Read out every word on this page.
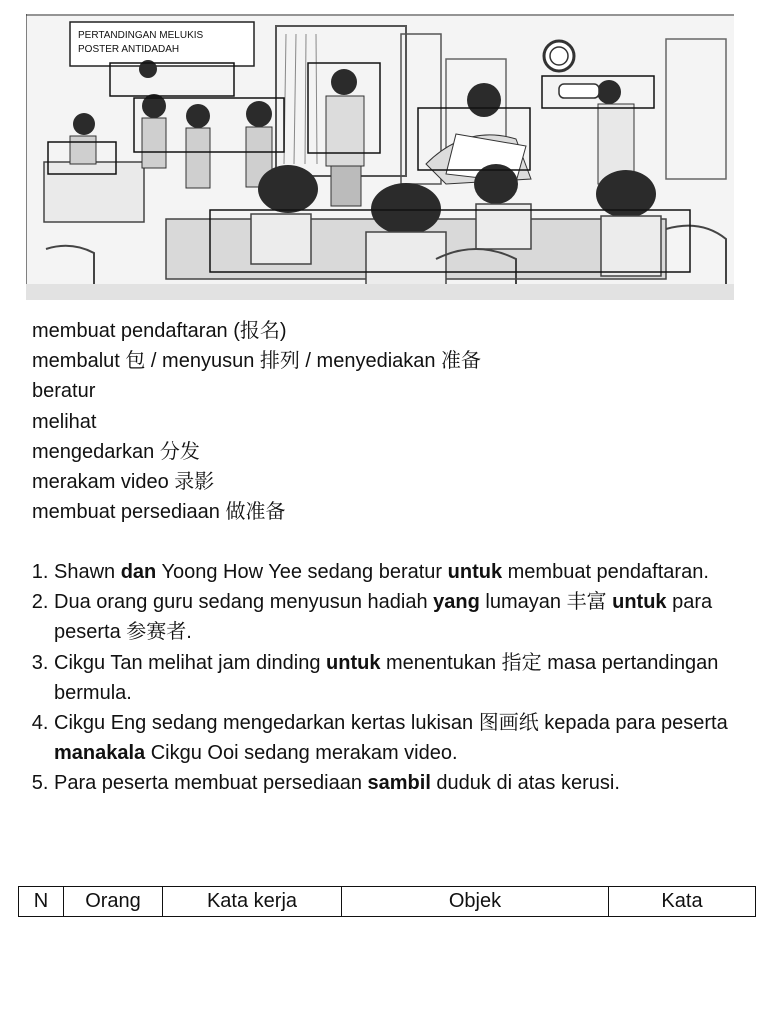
PERTANDINGAN MELUKIS
POSTER ANTIDADAH
membuat pendaftaran (报名)
membalut 包 / menyusun 排列 / menyediakan 准备
beratur
melihat
mengedarkan 分发
merakam video 录影
membuat persediaan 做准备
1. Shawn dan Yoong How Yee sedang beratur untuk membuat pendaftaran.
2. Dua orang guru sedang menyusun hadiah yang lumayan 丰富 untuk para peserta 参赛者.
3. Cikgu Tan melihat jam dinding untuk menentukan 指定 masa pertandingan bermula.
4. Cikgu Eng sedang mengedarkan kertas lukisan 图画纸 kepada para peserta manakala Cikgu Ooi sedang merakam video.
5. Para peserta membuat persediaan sambil duduk di atas kerusi.
N	Orang	Kata kerja	Objek	Kata
